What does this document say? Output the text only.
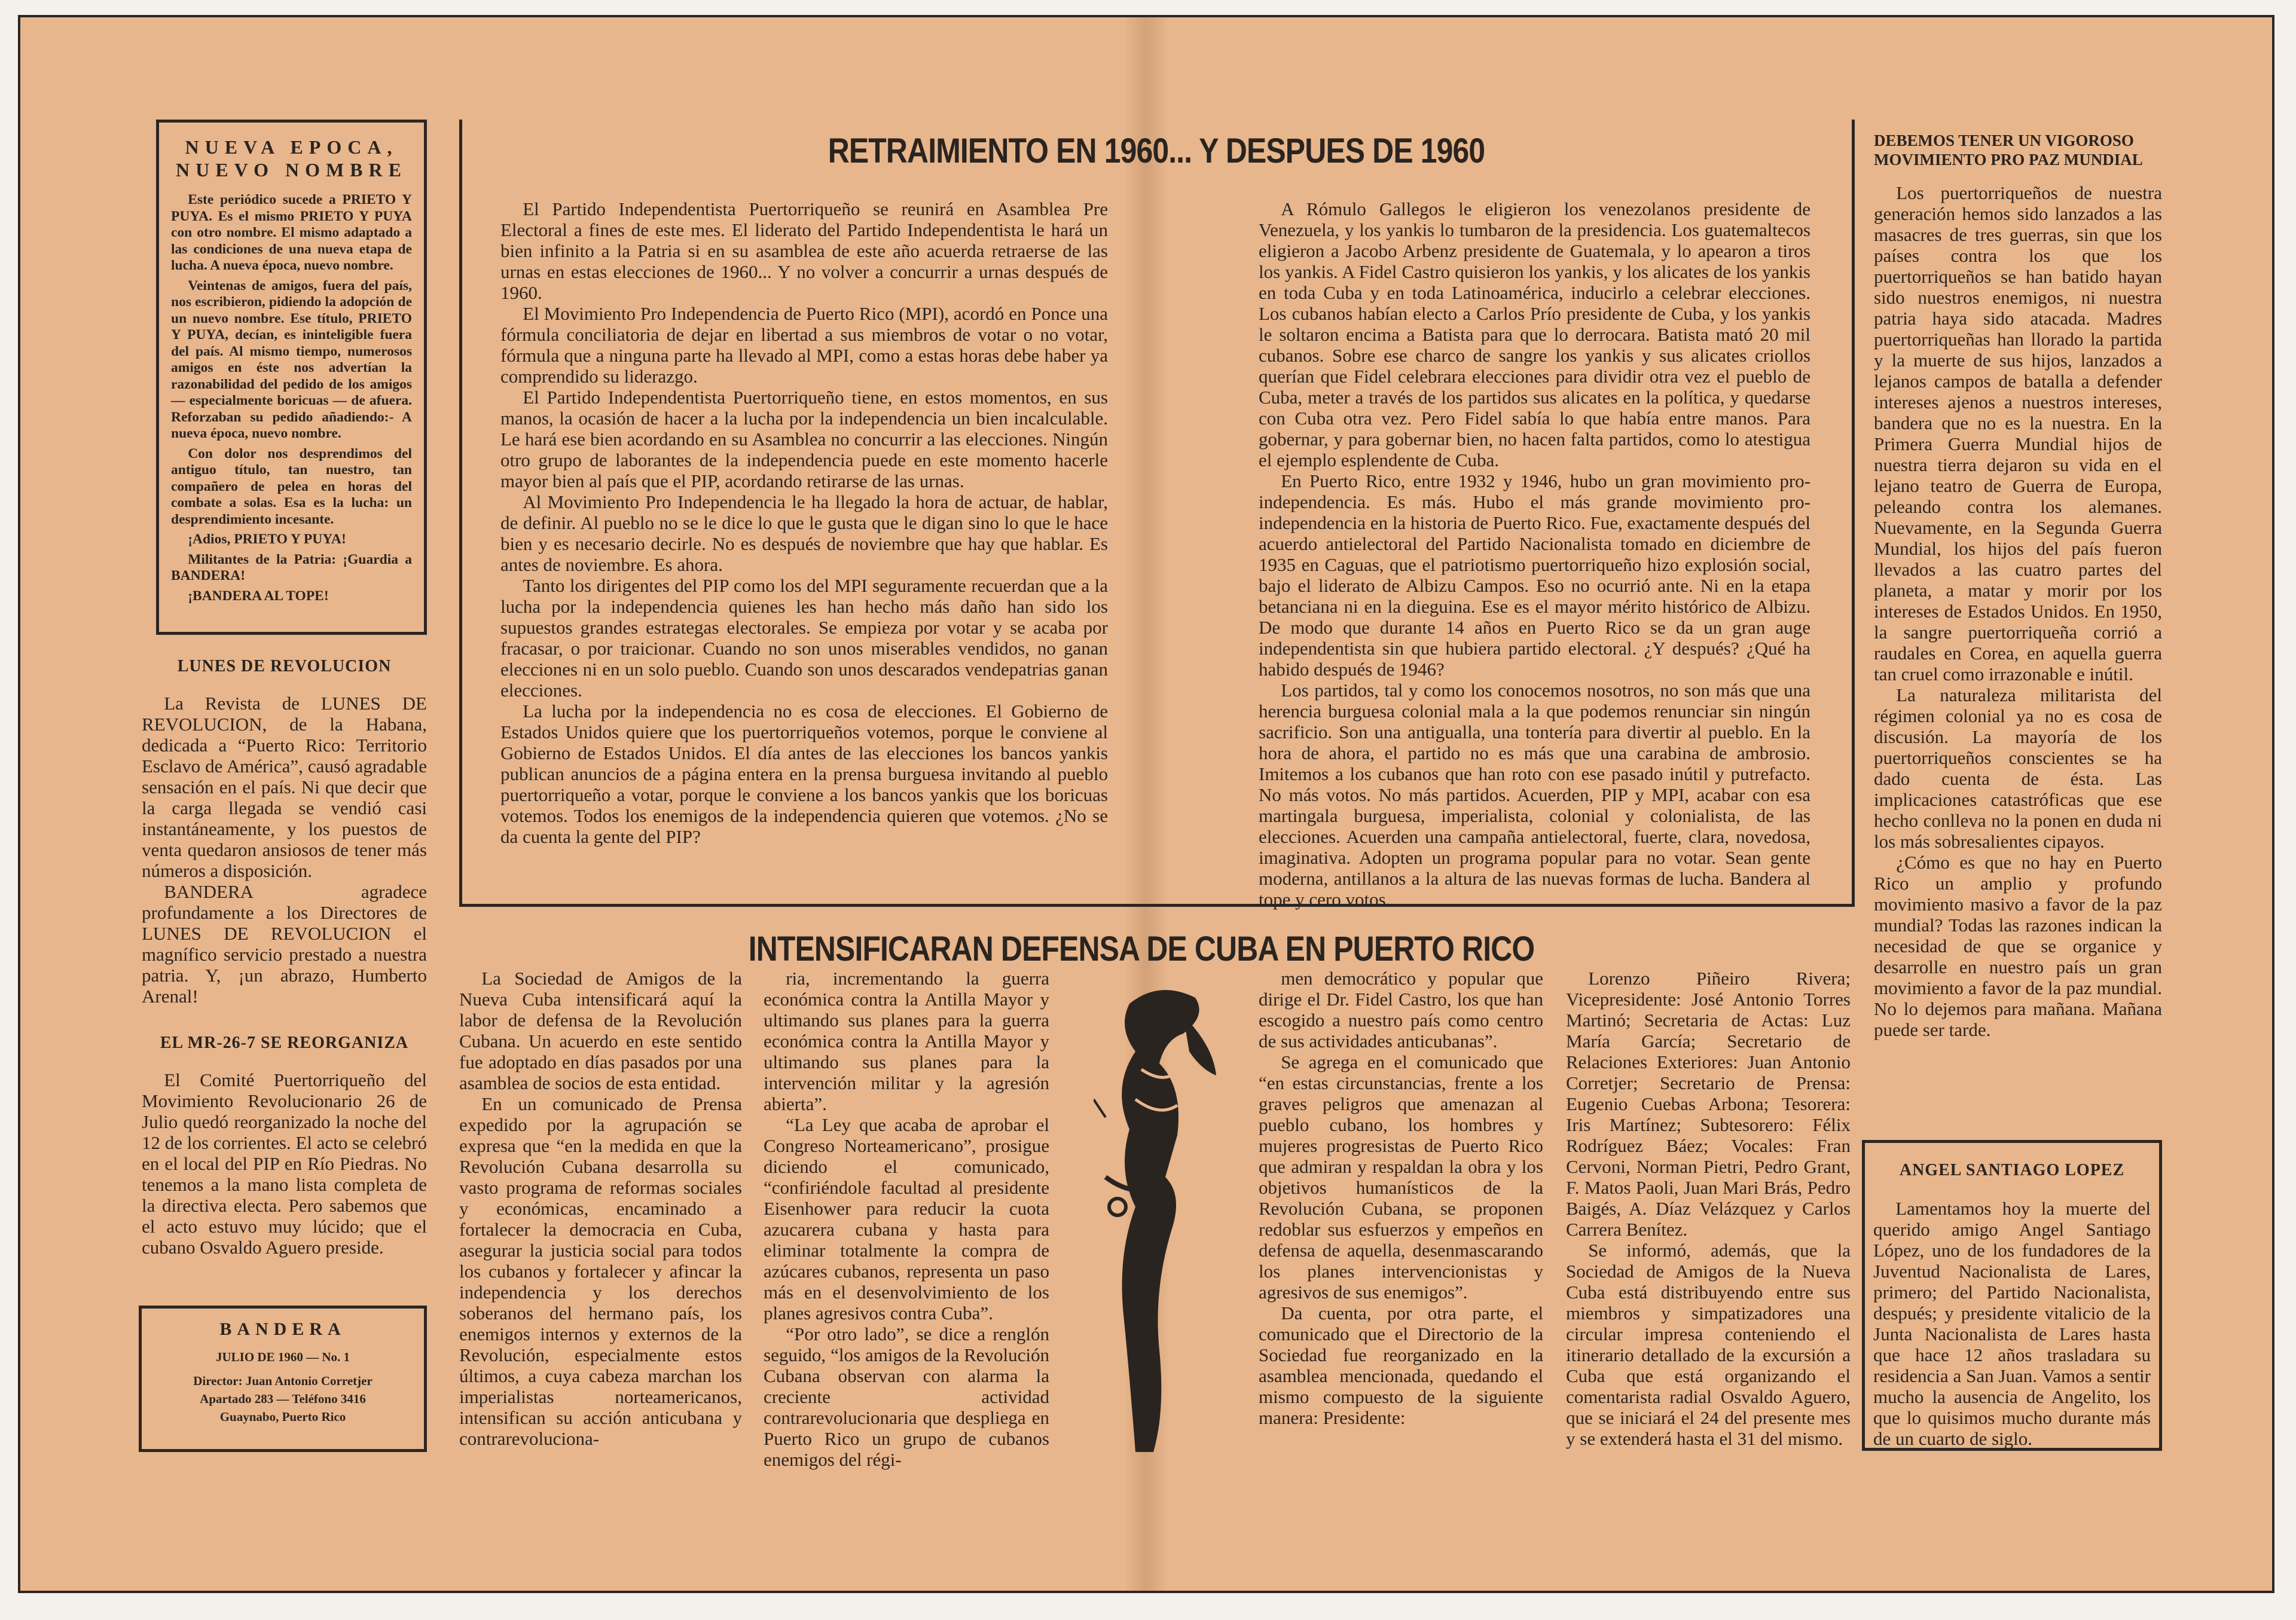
NUEVA EPOCA, NUEVO NOMBRE

Este periódico sucede a PRIETO Y PUYA. Es el mismo PRIETO Y PUYA con otro nombre. El mismo adaptado a las condiciones de una nueva etapa de lucha. A nueva época, nuevo nombre.

Veintenas de amigos, fuera del país, nos escribieron, pidiendo la adopción de un nuevo nombre. Ese título, PRIETO Y PUYA, decían, es ininteligible fuera del país. Al mismo tiempo, numerosos amigos en éste nos advertían la razonabilidad del pedido de los amigos — especialmente boricuas — de afuera. Reforzaban su pedido añadiendo:- A nueva época, nuevo nombre.

Con dolor nos desprendimos del antiguo título, tan nuestro, tan compañero de pelea en horas del combate a solas. Esa es la lucha: un desprendimiento incesante.

¡Adios, PRIETO Y PUYA!

Militantes de la Patria: ¡Guardia a BANDERA!

¡BANDERA AL TOPE!

LUNES DE REVOLUCION

La Revista de LUNES DE REVOLUCION, de la Habana, dedicada a “Puerto Rico: Territorio Esclavo de América”, causó agradable sensación en el país. Ni que decir que la carga llegada se vendió casi instantáneamente, y los puestos de venta quedaron ansiosos de tener más números a disposición.

BANDERA agradece profundamente a los Directores de LUNES DE REVOLUCION el magnífico servicio prestado a nuestra patria. Y, ¡un abrazo, Humberto Arenal!

EL MR-26-7 SE REORGANIZA

El Comité Puertorriqueño del Movimiento Revolucionario 26 de Julio quedó reorganizado la noche del 12 de los corrientes. El acto se celebró en el local del PIP en Río Piedras. No tenemos a la mano lista completa de la directiva electa. Pero sabemos que el acto estuvo muy lúcido; que el cubano Osvaldo Aguero preside.

BANDERA
JULIO DE 1960 — No. 1
Director: Juan Antonio Corretjer
Apartado 283 — Teléfono 3416
Guaynabo, Puerto Rico
RETRAIMIENTO EN 1960... Y DESPUES DE 1960

El Partido Independentista Puertorriqueño se reunirá en Asamblea Pre Electoral a fines de este mes. El liderato del Partido Independentista le hará un bien infinito a la Patria si en su asamblea de este año acuerda retraerse de las urnas en estas elecciones de 1960... Y no volver a concurrir a urnas después de 1960.

El Movimiento Pro Independencia de Puerto Rico (MPI), acordó en Ponce una fórmula conciliatoria de dejar en libertad a sus miembros de votar o no votar, fórmula que a ninguna parte ha llevado al MPI, como a estas horas debe haber ya comprendido su liderazgo.

El Partido Independentista Puertorriqueño tiene, en estos momentos, en sus manos, la ocasión de hacer a la lucha por la independencia un bien incalculable. Le hará ese bien acordando en su Asamblea no concurrir a las elecciones. Ningún otro grupo de laborantes de la independencia puede en este momento hacerle mayor bien al país que el PIP, acordando retirarse de las urnas.

Al Movimiento Pro Independencia le ha llegado la hora de actuar, de hablar, de definir. Al pueblo no se le dice lo que le gusta que le digan sino lo que le hace bien y es necesario decirle. No es después de noviembre que hay que hablar. Es antes de noviembre. Es ahora.

Tanto los dirigentes del PIP como los del MPI seguramente recuerdan que a la lucha por la independencia quienes les han hecho más daño han sido los supuestos grandes estrategas electorales. Se empieza por votar y se acaba por fracasar, o por traicionar. Cuando no son unos miserables vendidos, no ganan elecciones ni en un solo pueblo. Cuando son unos descarados vendepatrias ganan elecciones.

La lucha por la independencia no es cosa de elecciones. El Gobierno de Estados Unidos quiere que los puertorriqueños votemos, porque le conviene al Gobierno de Estados Unidos. El día antes de las elecciones los bancos yankis publican anuncios de a página entera en la prensa burguesa invitando al pueblo puertorriqueño a votar, porque le conviene a los bancos yankis que los boricuas votemos. Todos los enemigos de la independencia quieren que votemos. ¿No se da cuenta la gente del PIP?

A Rómulo Gallegos le eligieron los venezolanos presidente de Venezuela, y los yankis lo tumbaron de la presidencia. Los guatemaltecos eligieron a Jacobo Arbenz presidente de Guatemala, y lo apearon a tiros los yankis. A Fidel Castro quisieron los yankis, y los alicates de los yankis en toda Cuba y en toda Latinoamérica, inducirlo a celebrar elecciones. Los cubanos habían electo a Carlos Prío presidente de Cuba, y los yankis le soltaron encima a Batista para que lo derrocara. Batista mató 20 mil cubanos. Sobre ese charco de sangre los yankis y sus alicates criollos querían que Fidel celebrara elecciones para dividir otra vez el pueblo de Cuba, meter a través de los partidos sus alicates en la política, y quedarse con Cuba otra vez. Pero Fidel sabía lo que había entre manos. Para gobernar, y para gobernar bien, no hacen falta partidos, como lo atestigua el ejemplo esplendente de Cuba.

En Puerto Rico, entre 1932 y 1946, hubo un gran movimiento pro- independencia. Es más. Hubo el más grande movimiento pro-independencia en la historia de Puerto Rico. Fue, exactamente después del acuerdo antielectoral del Partido Nacionalista tomado en diciembre de 1935 en Caguas, que el patriotismo puertorriqueño hizo explosión social, bajo el liderato de Albizu Campos. Eso no ocurrió ante. Ni en la etapa betanciana ni en la dieguina. Ese es el mayor mérito histórico de Albizu. De modo que durante 14 años en Puerto Rico se da un gran auge independentista sin que hubiera partido electoral. ¿Y después? ¿Qué ha habido después de 1946?

Los partidos, tal y como los conocemos nosotros, no son más que una herencia burguesa colonial mala a la que podemos renunciar sin ningún sacrificio. Son una antigualla, una tontería para divertir al pueblo. En la hora de ahora, el partido no es más que una carabina de ambrosio. Imitemos a los cubanos que han roto con ese pasado inútil y putrefacto. No más votos. No más partidos. Acuerden, PIP y MPI, acabar con esa martingala burguesa, imperialista, colonial y colonialista, de las elecciones. Acuerden una campaña antielectoral, fuerte, clara, novedosa, imaginativa. Adopten un programa popular para no votar. Sean gente moderna, antillanos a la altura de las nuevas formas de lucha. Bandera al tope y cero votos.

DEBEMOS TENER UN VIGOROSO MOVIMIENTO PRO PAZ MUNDIAL

Los puertorriqueños de nuestra generación hemos sido lanzados a las masacres de tres guerras, sin que los países contra los que los puertorriqueños se han batido hayan sido nuestros enemigos, ni nuestra patria haya sido atacada. Madres puertorriqueñas han llorado la partida y la muerte de sus hijos, lanzados a lejanos campos de batalla a defender intereses ajenos a nuestros intereses, bandera que no es la nuestra. En la Primera Guerra Mundial hijos de nuestra tierra dejaron su vida en el lejano teatro de Guerra de Europa, peleando contra los alemanes. Nuevamente, en la Segunda Guerra Mundial, los hijos del país fueron llevados a las cuatro partes del planeta, a matar y morir por los intereses de Estados Unidos. En 1950, la sangre puertorriqueña corrió a raudales en Corea, en aquella guerra tan cruel como irrazonable e inútil.

La naturaleza militarista del régimen colonial ya no es cosa de discusión. La mayoría de los puertorriqueños conscientes se ha dado cuenta de ésta. Las implicaciones catastróficas que ese hecho conlleva no la ponen en duda ni los más sobresalientes cipayos.

¿Cómo es que no hay en Puerto Rico un amplio y profundo movimiento masivo a favor de la paz mundial? Todas las razones indican la necesidad de que se organice y desarrolle en nuestro país un gran movimiento a favor de la paz mundial. No lo dejemos para mañana. Mañana puede ser tarde.

ANGEL SANTIAGO LOPEZ

Lamentamos hoy la muerte del querido amigo Angel Santiago López, uno de los fundadores de la Juventud Nacionalista de Lares, primero; del Partido Nacionalista, después; y presidente vitalicio de la Junta Nacionalista de Lares hasta que hace 12 años trasladara su residencia a San Juan. Vamos a sentir mucho la ausencia de Angelito, los que lo quisimos mucho durante más de un cuarto de siglo.

INTENSIFICARAN DEFENSA DE CUBA EN PUERTO RICO

La Sociedad de Amigos de la Nueva Cuba intensificará aquí la labor de defensa de la Revolución Cubana. Un acuerdo en este sentido fue adoptado en días pasados por una asamblea de socios de esta entidad.

En un comunicado de Prensa expedido por la agrupación se expresa que “en la medida en que la Revolución Cubana desarrolla su vasto programa de reformas sociales y económicas, encaminado a fortalecer la democracia en Cuba, asegurar la justicia social para todos los cubanos y fortalecer y afincar la independencia y los derechos soberanos del hermano país, los enemigos internos y externos de la Revolución, especialmente estos últimos, a cuya cabeza marchan los imperialistas norteamericanos, intensifican su acción anticubana y contrarevoluciona-

ria, incrementando la guerra económica contra la Antilla Mayor y ultimando sus planes para la guerra económica contra la Antilla Mayor y ultimando sus planes para la intervención militar y la agresión abierta”.

“La Ley que acaba de aprobar el Congreso Norteamericano”, prosigue diciendo el comunicado, “confiriéndole facultad al presidente Eisenhower para reducir la cuota azucarera cubana y hasta para eliminar totalmente la compra de azúcares cubanos, representa un paso más en el desenvolvimiento de los planes agresivos contra Cuba”.

“Por otro lado”, se dice a renglón seguido, “los amigos de la Revolución Cubana observan con alarma la creciente actividad contrarevolucionaria que despliega en Puerto Rico un grupo de cubanos enemigos del régi-

men democrático y popular que dirige el Dr. Fidel Castro, los que han escogido a nuestro país como centro de sus actividades anticubanas”.

Se agrega en el comunicado que “en estas circunstancias, frente a los graves peligros que amenazan al pueblo cubano, los hombres y mujeres progresistas de Puerto Rico que admiran y respaldan la obra y los objetivos humanísticos de la Revolución Cubana, se proponen redoblar sus esfuerzos y empeños en defensa de aquella, desenmascarando los planes intervencionistas y agresivos de sus enemigos”.

Da cuenta, por otra parte, el comunicado que el Directorio de la Sociedad fue reorganizado en la asamblea mencionada, quedando el mismo compuesto de la siguiente manera: Presidente:

Lorenzo Piñeiro Rivera; Vicepresidente: José Antonio Torres Martinó; Secretaria de Actas: Luz María García; Secretario de Relaciones Exteriores: Juan Antonio Corretjer; Secretario de Prensa: Eugenio Cuebas Arbona; Tesorera: Iris Martínez; Subtesorero: Félix Rodríguez Báez; Vocales: Fran Cervoni, Norman Pietri, Pedro Grant, F. Matos Paoli, Juan Mari Brás, Pedro Baigés, A. Díaz Velázquez y Carlos Carrera Benítez.

Se informó, además, que la Sociedad de Amigos de la Nueva Cuba está distribuyendo entre sus miembros y simpatizadores una circular impresa conteniendo el itinerario detallado de la excursión a Cuba que está organizando el comentarista radial Osvaldo Aguero, que se iniciará el 24 del presente mes y se extenderá hasta el 31 del mismo.
